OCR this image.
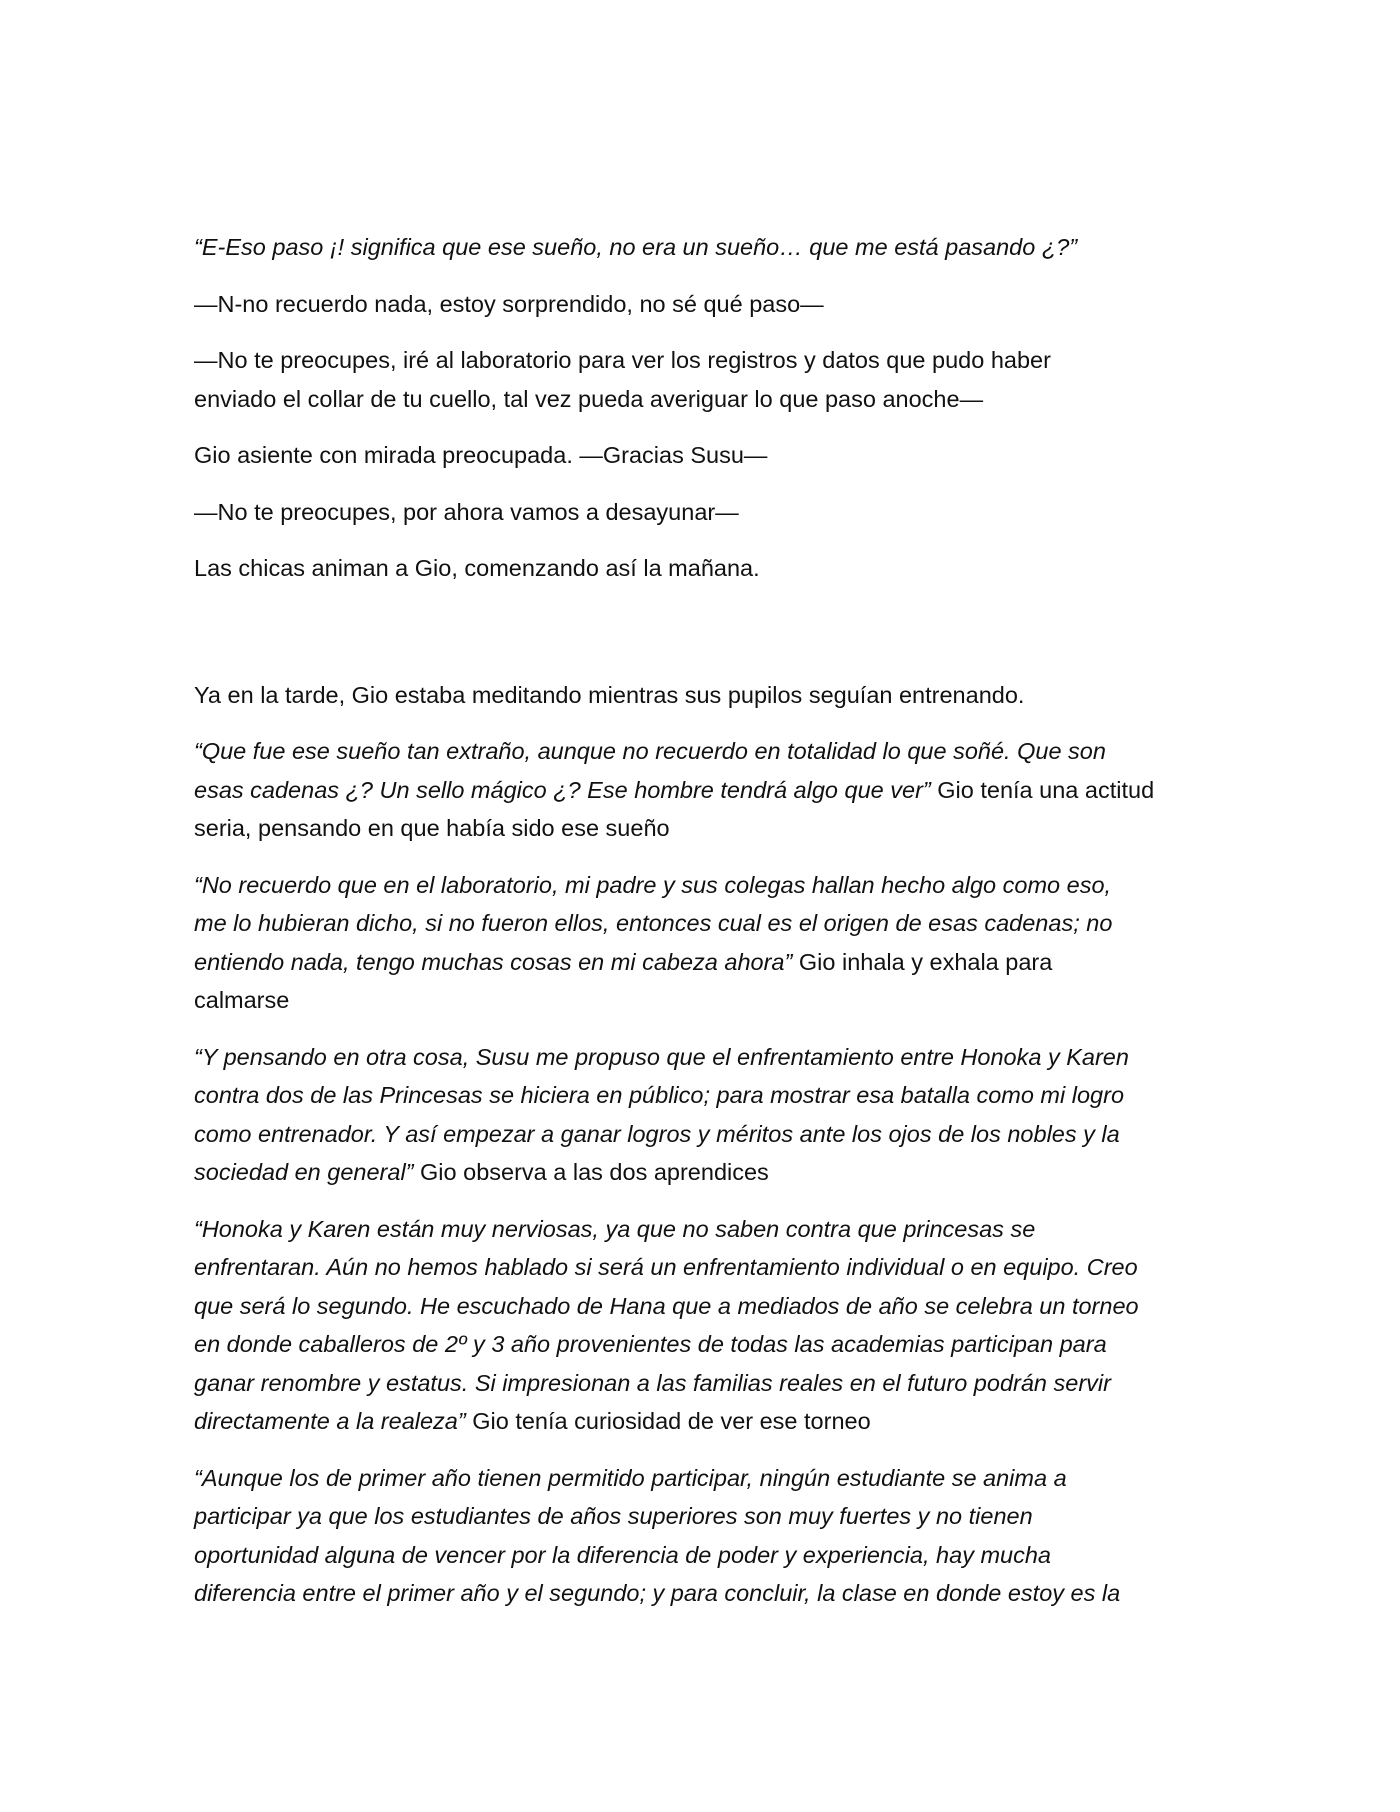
“E-Eso paso ¡! significa que ese sueño, no era un sueño… que me está pasando ¿?”
—N-no recuerdo nada, estoy sorprendido, no sé qué paso—
—No te preocupes, iré al laboratorio para ver los registros y datos que pudo haber
enviado el collar de tu cuello, tal vez pueda averiguar lo que paso anoche—
Gio asiente con mirada preocupada. —Gracias Susu—
—No te preocupes, por ahora vamos a desayunar—
Las chicas animan a Gio, comenzando así la mañana.
Ya en la tarde, Gio estaba meditando mientras sus pupilos seguían entrenando.
“Que fue ese sueño tan extraño, aunque no recuerdo en totalidad lo que soñé. Que son
esas cadenas ¿? Un sello mágico ¿? Ese hombre tendrá algo que ver” Gio tenía una actitud
seria, pensando en que había sido ese sueño
“No recuerdo que en el laboratorio, mi padre y sus colegas hallan hecho algo como eso,
me lo hubieran dicho, si no fueron ellos, entonces cual es el origen de esas cadenas; no
entiendo nada, tengo muchas cosas en mi cabeza ahora” Gio inhala y exhala para
calmarse
“Y pensando en otra cosa, Susu me propuso que el enfrentamiento entre Honoka y Karen
contra dos de las Princesas se hiciera en público; para mostrar esa batalla como mi logro
como entrenador. Y así empezar a ganar logros y méritos ante los ojos de los nobles y la
sociedad en general” Gio observa a las dos aprendices
“Honoka y Karen están muy nerviosas, ya que no saben contra que princesas se
enfrentaran. Aún no hemos hablado si será un enfrentamiento individual o en equipo. Creo
que será lo segundo. He escuchado de Hana que a mediados de año se celebra un torneo
en donde caballeros de 2º y 3 año provenientes de todas las academias participan para
ganar renombre y estatus. Si impresionan a las familias reales en el futuro podrán servir
directamente a la realeza” Gio tenía curiosidad de ver ese torneo
“Aunque los de primer año tienen permitido participar, ningún estudiante se anima a
participar ya que los estudiantes de años superiores son muy fuertes y no tienen
oportunidad alguna de vencer por la diferencia de poder y experiencia, hay mucha
diferencia entre el primer año y el segundo; y para concluir, la clase en donde estoy es la
